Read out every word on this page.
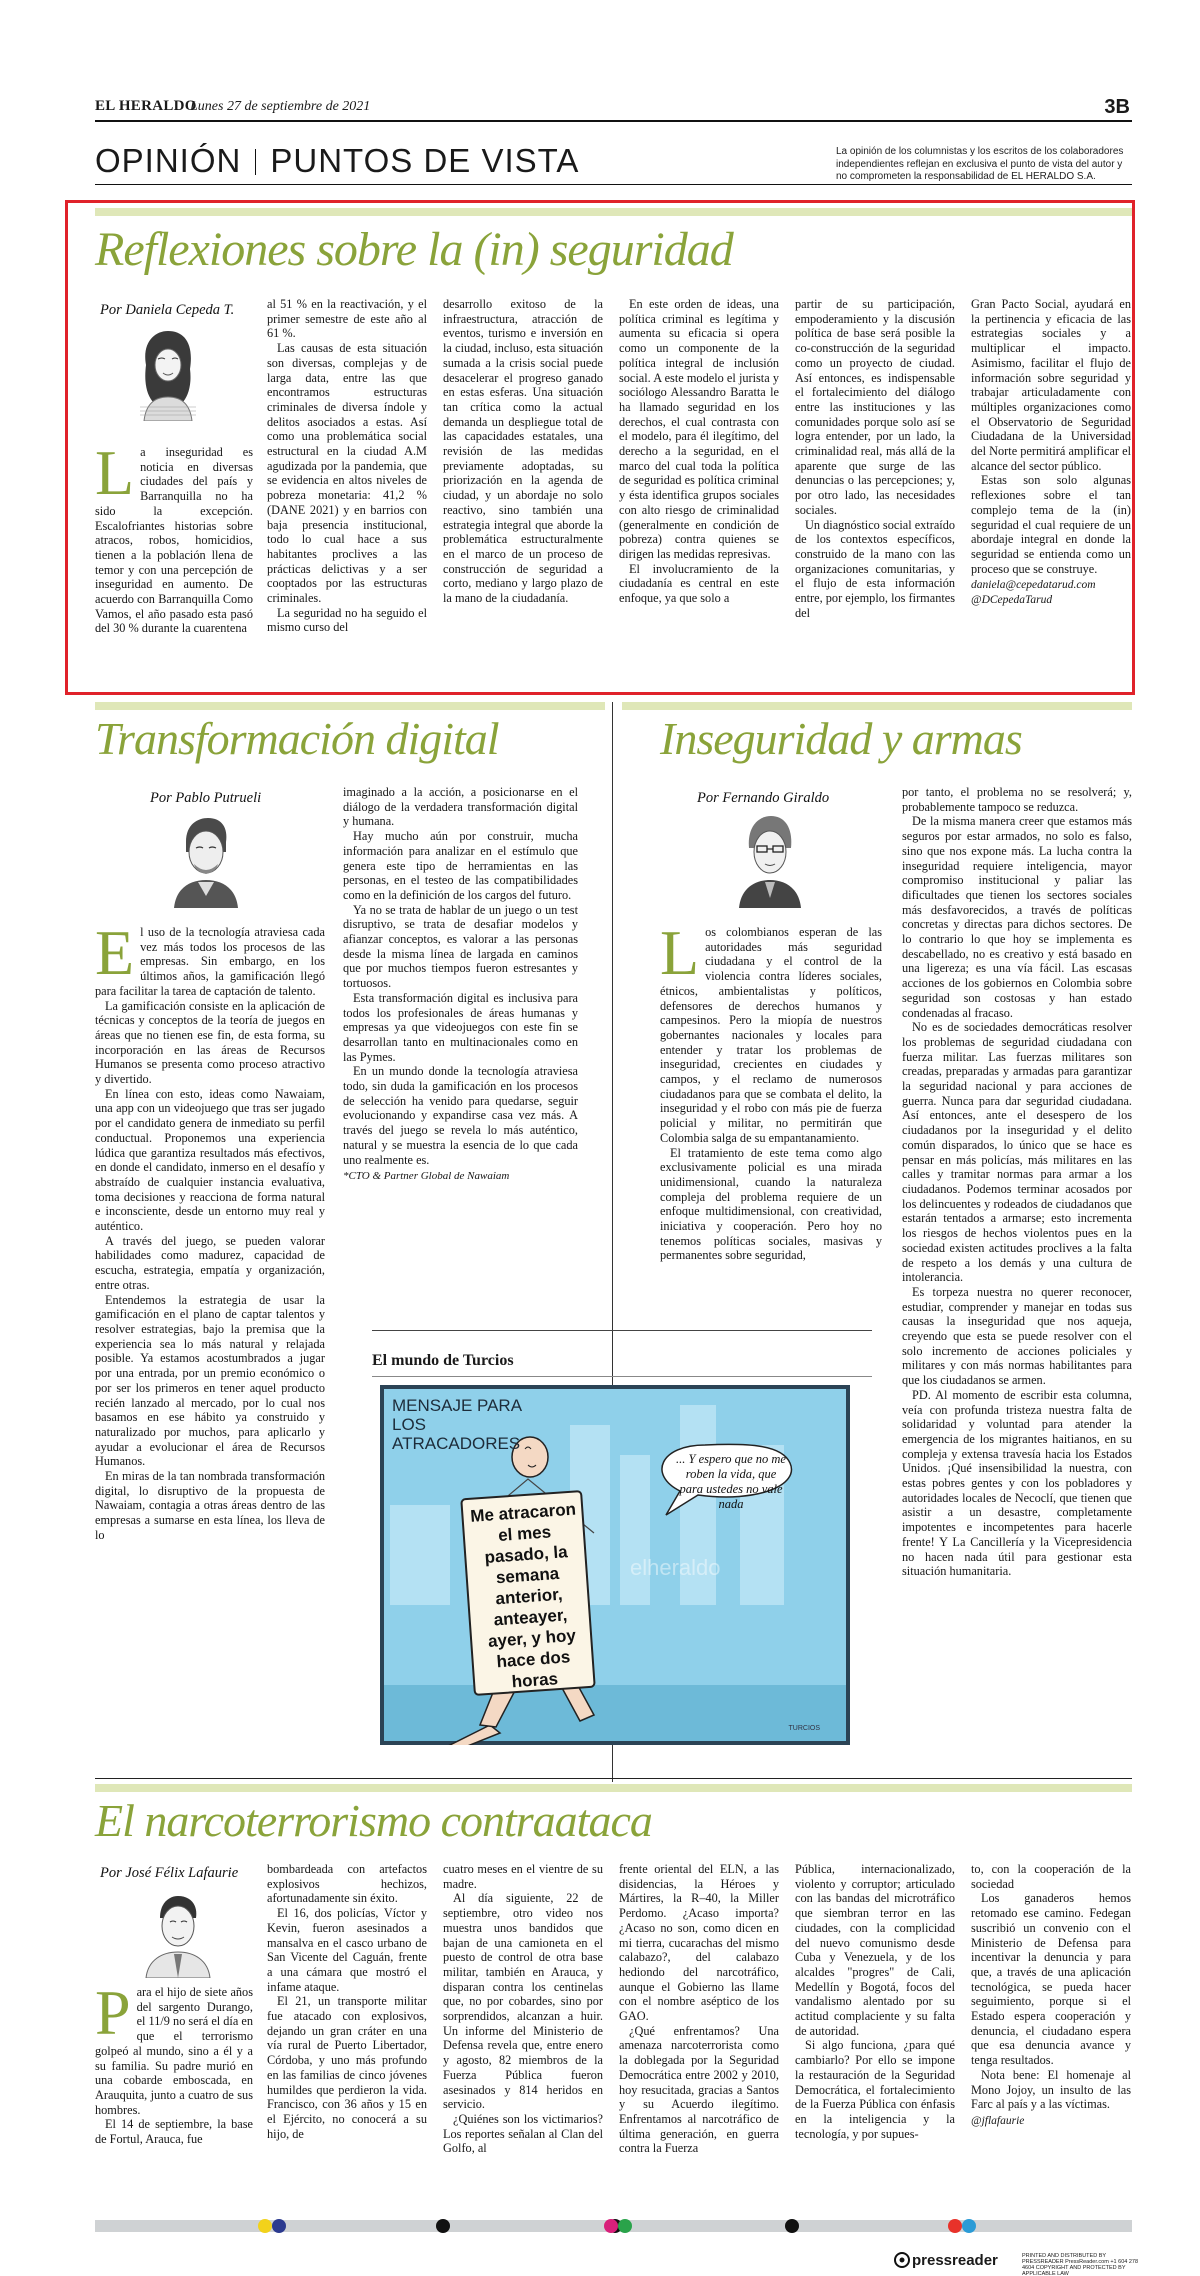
EL HERALDO
Lunes 27 de septiembre de 2021	3B
OPINIÓN PUNTOS DE VISTA	La opinión de los columnistas y los escritos de los colaboradores independientes reflejan en exclusiva el punto de vista del autor y no comprometen la responsabilidad de EL HERALDO S.A.
Reflexiones sobre la (in) seguridad
Por Daniela Cepeda T.
L a inseguridad es noticia en diversas ciudades del país y Barranquilla no ha sido la excepción. Escalofriantes historias sobre atracos, robos, homicidios, tienen a la población llena de temor y con una percepción de inseguridad en aumento. De acuerdo con Barranquilla Como Vamos, el año pasado esta pasó del 30 % durante la cuarentena

al 51 % en la reactivación, y el primer semestre de este año al 61 %.

Las causas de esta situación son diversas, complejas y de larga data, entre las que encontramos estructuras criminales de diversa índole y delitos asociados a estas. Así como una problemática social estructural en la ciudad A.M agudizada por la pandemia, que se evidencia en altos niveles de pobreza monetaria: 41,2 % (DANE 2021) y en barrios con baja presencia institucional, todo lo cual hace a sus habitantes proclives a las prácticas delictivas y a ser cooptados por las estructuras criminales.

La seguridad no ha seguido el mismo curso del

desarrollo exitoso de la infraestructura, atracción de eventos, turismo e inversión en la ciudad, incluso, esta situación sumada a la crisis social puede desacelerar el progreso ganado en estas esferas. Una situación tan crítica como la actual demanda un despliegue total de las capacidades estatales, una revisión de las medidas previamente adoptadas, su priorización en la agenda de ciudad, y un abordaje no solo reactivo, sino también una estrategia integral que aborde la problemática estructuralmente en el marco de un proceso de construcción de seguridad a corto, mediano y largo plazo de la mano de la ciudadanía.

En este orden de ideas, una política criminal es legítima y aumenta su eficacia si opera como un componente de la política integral de inclusión social. A este modelo el jurista y sociólogo Alessandro Baratta le ha llamado seguridad en los derechos, el cual contrasta con el modelo, para él ilegítimo, del derecho a la seguridad, en el marco del cual toda la política de seguridad es política criminal y ésta identifica grupos sociales con alto riesgo de criminalidad (generalmente en condición de pobreza) contra quienes se dirigen las medidas represivas.

El involucramiento de la ciudadanía es central en este enfoque, ya que solo a

partir de su participación, empoderamiento y la discusión política de base será posible la co-construcción de la seguridad como un proyecto de ciudad. Así entonces, es indispensable el fortalecimiento del diálogo entre las instituciones y las comunidades porque solo así se logra entender, por un lado, la criminalidad real, más allá de la aparente que surge de las denuncias o las percepciones; y, por otro lado, las necesidades sociales.

Un diagnóstico social extraído de los contextos específicos, construido de la mano con las organizaciones comunitarias, y el flujo de esta información entre, por ejemplo, los firmantes del

Gran Pacto Social, ayudará en la pertinencia y eficacia de las estrategias sociales y a multiplicar el impacto. Asimismo, facilitar el flujo de información sobre seguridad y trabajar articuladamente con múltiples organizaciones como el Observatorio de Seguridad Ciudadana de la Universidad del Norte permitirá amplificar el alcance del sector público.

Estas son solo algunas reflexiones sobre el tan complejo tema de la (in) seguridad el cual requiere de un abordaje integral en donde la seguridad se entienda como un proceso que se construye.

daniela@cepedatarud.com
@DCepedaTarud
Transformación digital
Por Pablo Putrueli
E l uso de la tecnología atraviesa cada vez más todos los procesos de las empresas. Sin embargo, en los últimos años, la gamificación llegó para facilitar la tarea de captación de talento.

La gamificación consiste en la aplicación de técnicas y conceptos de la teoría de juegos en áreas que no tienen ese fin, de esta forma, su incorporación en las áreas de Recursos Humanos se presenta como proceso atractivo y divertido.

En línea con esto, ideas como Nawaiam, una app con un videojuego que tras ser jugado por el candidato genera de inmediato su perfil conductual. Proponemos una experiencia lúdica que garantiza resultados más efectivos, en donde el candidato, inmerso en el desafío y abstraído de cualquier instancia evaluativa, toma decisiones y reacciona de forma natural e inconsciente, desde un entorno muy real y auténtico.

A través del juego, se pueden valorar habilidades como madurez, capacidad de escucha, estrategia, empatía y organización, entre otras.

Entendemos la estrategia de usar la gamificación en el plano de captar talentos y resolver estrategias, bajo la premisa que la experiencia sea lo más natural y relajada posible. Ya estamos acostumbrados a jugar por una entrada, por un premio económico o por ser los primeros en tener aquel producto recién lanzado al mercado, por lo cual nos basamos en ese hábito ya construido y naturalizado por muchos, para aplicarlo y ayudar a evolucionar el área de Recursos Humanos.

En miras de la tan nombrada transformación digital, lo disruptivo de la propuesta de Nawaiam, contagia a otras áreas dentro de las empresas a sumarse en esta línea, los lleva de lo

imaginado a la acción, a posicionarse en el diálogo de la verdadera transformación digital y humana.

Hay mucho aún por construir, mucha información para analizar en el estímulo que genera este tipo de herramientas en las personas, en el testeo de las compatibilidades como en la definición de los cargos del futuro.

Ya no se trata de hablar de un juego o un test disruptivo, se trata de desafiar modelos y afianzar conceptos, es valorar a las personas desde la misma línea de largada en caminos que por muchos tiempos fueron estresantes y tortuosos.

Esta transformación digital es inclusiva para todos los profesionales de áreas humanas y empresas ya que videojuegos con este fin se desarrollan tanto en multinacionales como en las Pymes.

En un mundo donde la tecnología atraviesa todo, sin duda la gamificación en los procesos de selección ha venido para quedarse, seguir evolucionando y expandirse casa vez más. A través del juego se revela lo más auténtico, natural y se muestra la esencia de lo que cada uno realmente es.

*CTO & Partner Global de Nawaiam
Inseguridad y armas
Por Fernando Giraldo
L os colombianos esperan de las autoridades más seguridad ciudadana y el control de la violencia contra líderes sociales, étnicos, ambientalistas y políticos, defensores de derechos humanos y campesinos. Pero la miopía de nuestros gobernantes nacionales y locales para entender y tratar los problemas de inseguridad, crecientes en ciudades y campos, y el reclamo de numerosos ciudadanos para que se combata el delito, la inseguridad y el robo con más pie de fuerza policial y militar, no permitirán que Colombia salga de su empantanamiento.

El tratamiento de este tema como algo exclusivamente policial es una mirada unidimensional, cuando la naturaleza compleja del problema requiere de un enfoque multidimensional, con creatividad, iniciativa y cooperación. Pero hoy no tenemos políticas sociales, masivas y permanentes sobre seguridad,

por tanto, el problema no se resolverá; y, probablemente tampoco se reduzca.

De la misma manera creer que estamos más seguros por estar armados, no solo es falso, sino que nos expone más. La lucha contra la inseguridad requiere inteligencia, mayor compromiso institucional y paliar las dificultades que tienen los sectores sociales más desfavorecidos, a través de políticas concretas y directas para dichos sectores. De lo contrario lo que hoy se implementa es descabellado, no es creativo y está basado en una ligereza; es una vía fácil. Las escasas acciones de los gobiernos en Colombia sobre seguridad son costosas y han estado condenadas al fracaso.

No es de sociedades democráticas resolver los problemas de seguridad ciudadana con fuerza militar. Las fuerzas militares son creadas, preparadas y armadas para garantizar la seguridad nacional y para acciones de guerra. Nunca para dar seguridad ciudadana. Así entonces, ante el desespero de los ciudadanos por la inseguridad y el delito común disparados, lo único que se hace es pensar en más policías, más militares en las calles y tramitar normas para armar a los ciudadanos. Podemos terminar acosados por los delincuentes y rodeados de ciudadanos que estarán tentados a armarse; esto incrementa los riesgos de hechos violentos pues en la sociedad existen actitudes proclives a la falta de respeto a los demás y una cultura de intolerancia.

Es torpeza nuestra no querer reconocer, estudiar, comprender y manejar en todas sus causas la inseguridad que nos aqueja, creyendo que esta se puede resolver con el solo incremento de acciones policiales y militares y con más normas habilitantes para que los ciudadanos se armen.

PD. Al momento de escribir esta columna, veía con profunda tristeza nuestra falta de solidaridad y voluntad para atender la emergencia de los migrantes haitianos, en su compleja y extensa travesía hacia los Estados Unidos. ¡Qué insensibilidad la nuestra, con estas pobres gentes y con los pobladores y autoridades locales de Necoclí, que tienen que asistir a un desastre, completamente impotentes e incompetentes para hacerle frente! Y La Cancillería y la Vicepresidencia no hacen nada útil para gestionar esta situación humanitaria.

El mundo de Turcios
TURCIOS
elheraldo
MENSAJE PARA LOS ATRACADORES
Me atracaron el mes pasado, la semana anterior, anteayer, ayer, y hoy hace dos horas
... Y espero que no me roben la vida, que para ustedes no vale nada
El narcoterrorismo contraataca
Por José Félix Lafaurie
P ara el hijo de siete años del sargento Durango, el 11/9 no será el día en que el terrorismo golpeó al mundo, sino a él y a su familia. Su padre murió en una cobarde emboscada, en Arauquita, junto a cuatro de sus hombres.

El 14 de septiembre, la base de Fortul, Arauca, fue

bombardeada con artefactos explosivos hechizos, afortunadamente sin éxito.

El 16, dos policías, Víctor y Kevin, fueron asesinados a mansalva en el casco urbano de San Vicente del Caguán, frente a una cámara que mostró el infame ataque.

El 21, un transporte militar fue atacado con explosivos, dejando un gran cráter en una vía rural de Puerto Libertador, Córdoba, y uno más profundo en las familias de cinco jóvenes humildes que perdieron la vida. Francisco, con 36 años y 15 en el Ejército, no conocerá a su hijo, de

cuatro meses en el vientre de su madre.

Al día siguiente, 22 de septiembre, otro video nos muestra unos bandidos que bajan de una camioneta en el puesto de control de otra base militar, también en Arauca, y disparan contra los centinelas que, no por cobardes, sino por sorprendidos, alcanzan a huir. Un informe del Ministerio de Defensa revela que, entre enero y agosto, 82 miembros de la Fuerza Pública fueron asesinados y 814 heridos en servicio.

¿Quiénes son los victimarios? Los reportes señalan al Clan del Golfo, al

frente oriental del ELN, a las disidencias, la Héroes y Mártires, la R–40, la Miller Perdomo. ¿Acaso importa? ¿Acaso no son, como dicen en mi tierra, cucarachas del mismo calabazo?, del calabazo hediondo del narcotráfico, aunque el Gobierno las llame con el nombre aséptico de los GAO.

¿Qué enfrentamos? Una amenaza narcoterrorista como la doblegada por la Seguridad Democrática entre 2002 y 2010, hoy resucitada, gracias a Santos y su Acuerdo ilegítimo. Enfrentamos al narcotráfico de última generación, en guerra contra la Fuerza

Pública, internacionalizado, violento y corruptor; articulado con las bandas del microtráfico que siembran terror en las ciudades, con la complicidad del nuevo comunismo desde Cuba y Venezuela, y de los alcaldes "progres" de Cali, Medellín y Bogotá, focos del vandalismo alentado por su actitud complaciente y su falta de autoridad.

Si algo funciona, ¿para qué cambiarlo? Por ello se impone la restauración de la Seguridad Democrática, el fortalecimiento de la Fuerza Pública con énfasis en la inteligencia y la tecnología, y por supues-

to, con la cooperación de la sociedad

Los ganaderos hemos retomado ese camino. Fedegan suscribió un convenio con el Ministerio de Defensa para incentivar la denuncia y para que, a través de una aplicación tecnológica, se pueda hacer seguimiento, porque si el Estado espera cooperación y denuncia, el ciudadano espera que esa denuncia avance y tenga resultados.

Nota bene: El homenaje al Mono Jojoy, un insulto de las Farc al país y a las víctimas.

@jflafaurie
pressreader	PRINTED AND DISTRIBUTED BY PRESSREADER PressReader.com +1 604 278 4604 COPYRIGHT AND PROTECTED BY APPLICABLE LAW
